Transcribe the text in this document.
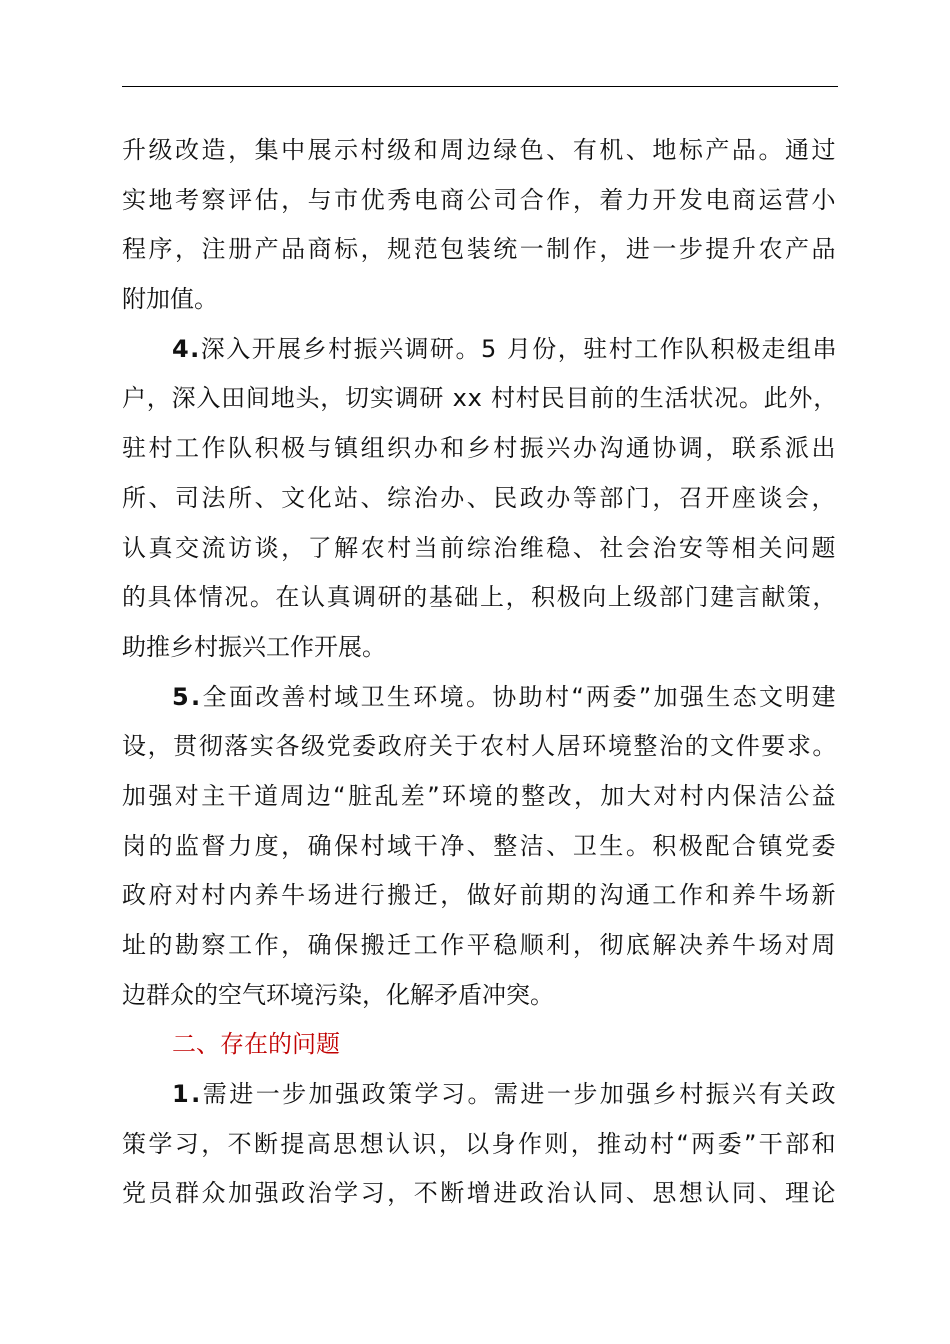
升级改造，集中展示村级和周边绿色、有机、地标产品。通过
实地考察评估，与市优秀电商公司合作，着力开发电商运营小
程序，注册产品商标，规范包装统一制作，进一步提升农产品
附加值。
4.深入开展乡村振兴调研。5 月份，驻村工作队积极走组串
户，深入田间地头，切实调研 xx 村村民目前的生活状况。此外，
驻村工作队积极与镇组织办和乡村振兴办沟通协调，联系派出
所、司法所、文化站、综治办、民政办等部门，召开座谈会，
认真交流访谈，了解农村当前综治维稳、社会治安等相关问题
的具体情况。在认真调研的基础上，积极向上级部门建言献策，
助推乡村振兴工作开展。
5.全面改善村域卫生环境。协助村“两委”加强生态文明建
设，贯彻落实各级党委政府关于农村人居环境整治的文件要求。
加强对主干道周边“脏乱差”环境的整改，加大对村内保洁公益
岗的监督力度，确保村域干净、整洁、卫生。积极配合镇党委
政府对村内养牛场进行搬迁，做好前期的沟通工作和养牛场新
址的勘察工作，确保搬迁工作平稳顺利，彻底解决养牛场对周
边群众的空气环境污染，化解矛盾冲突。
二、存在的问题
1.需进一步加强政策学习。需进一步加强乡村振兴有关政
策学习，不断提高思想认识，以身作则，推动村“两委”干部和
党员群众加强政治学习，不断增进政治认同、思想认同、理论
